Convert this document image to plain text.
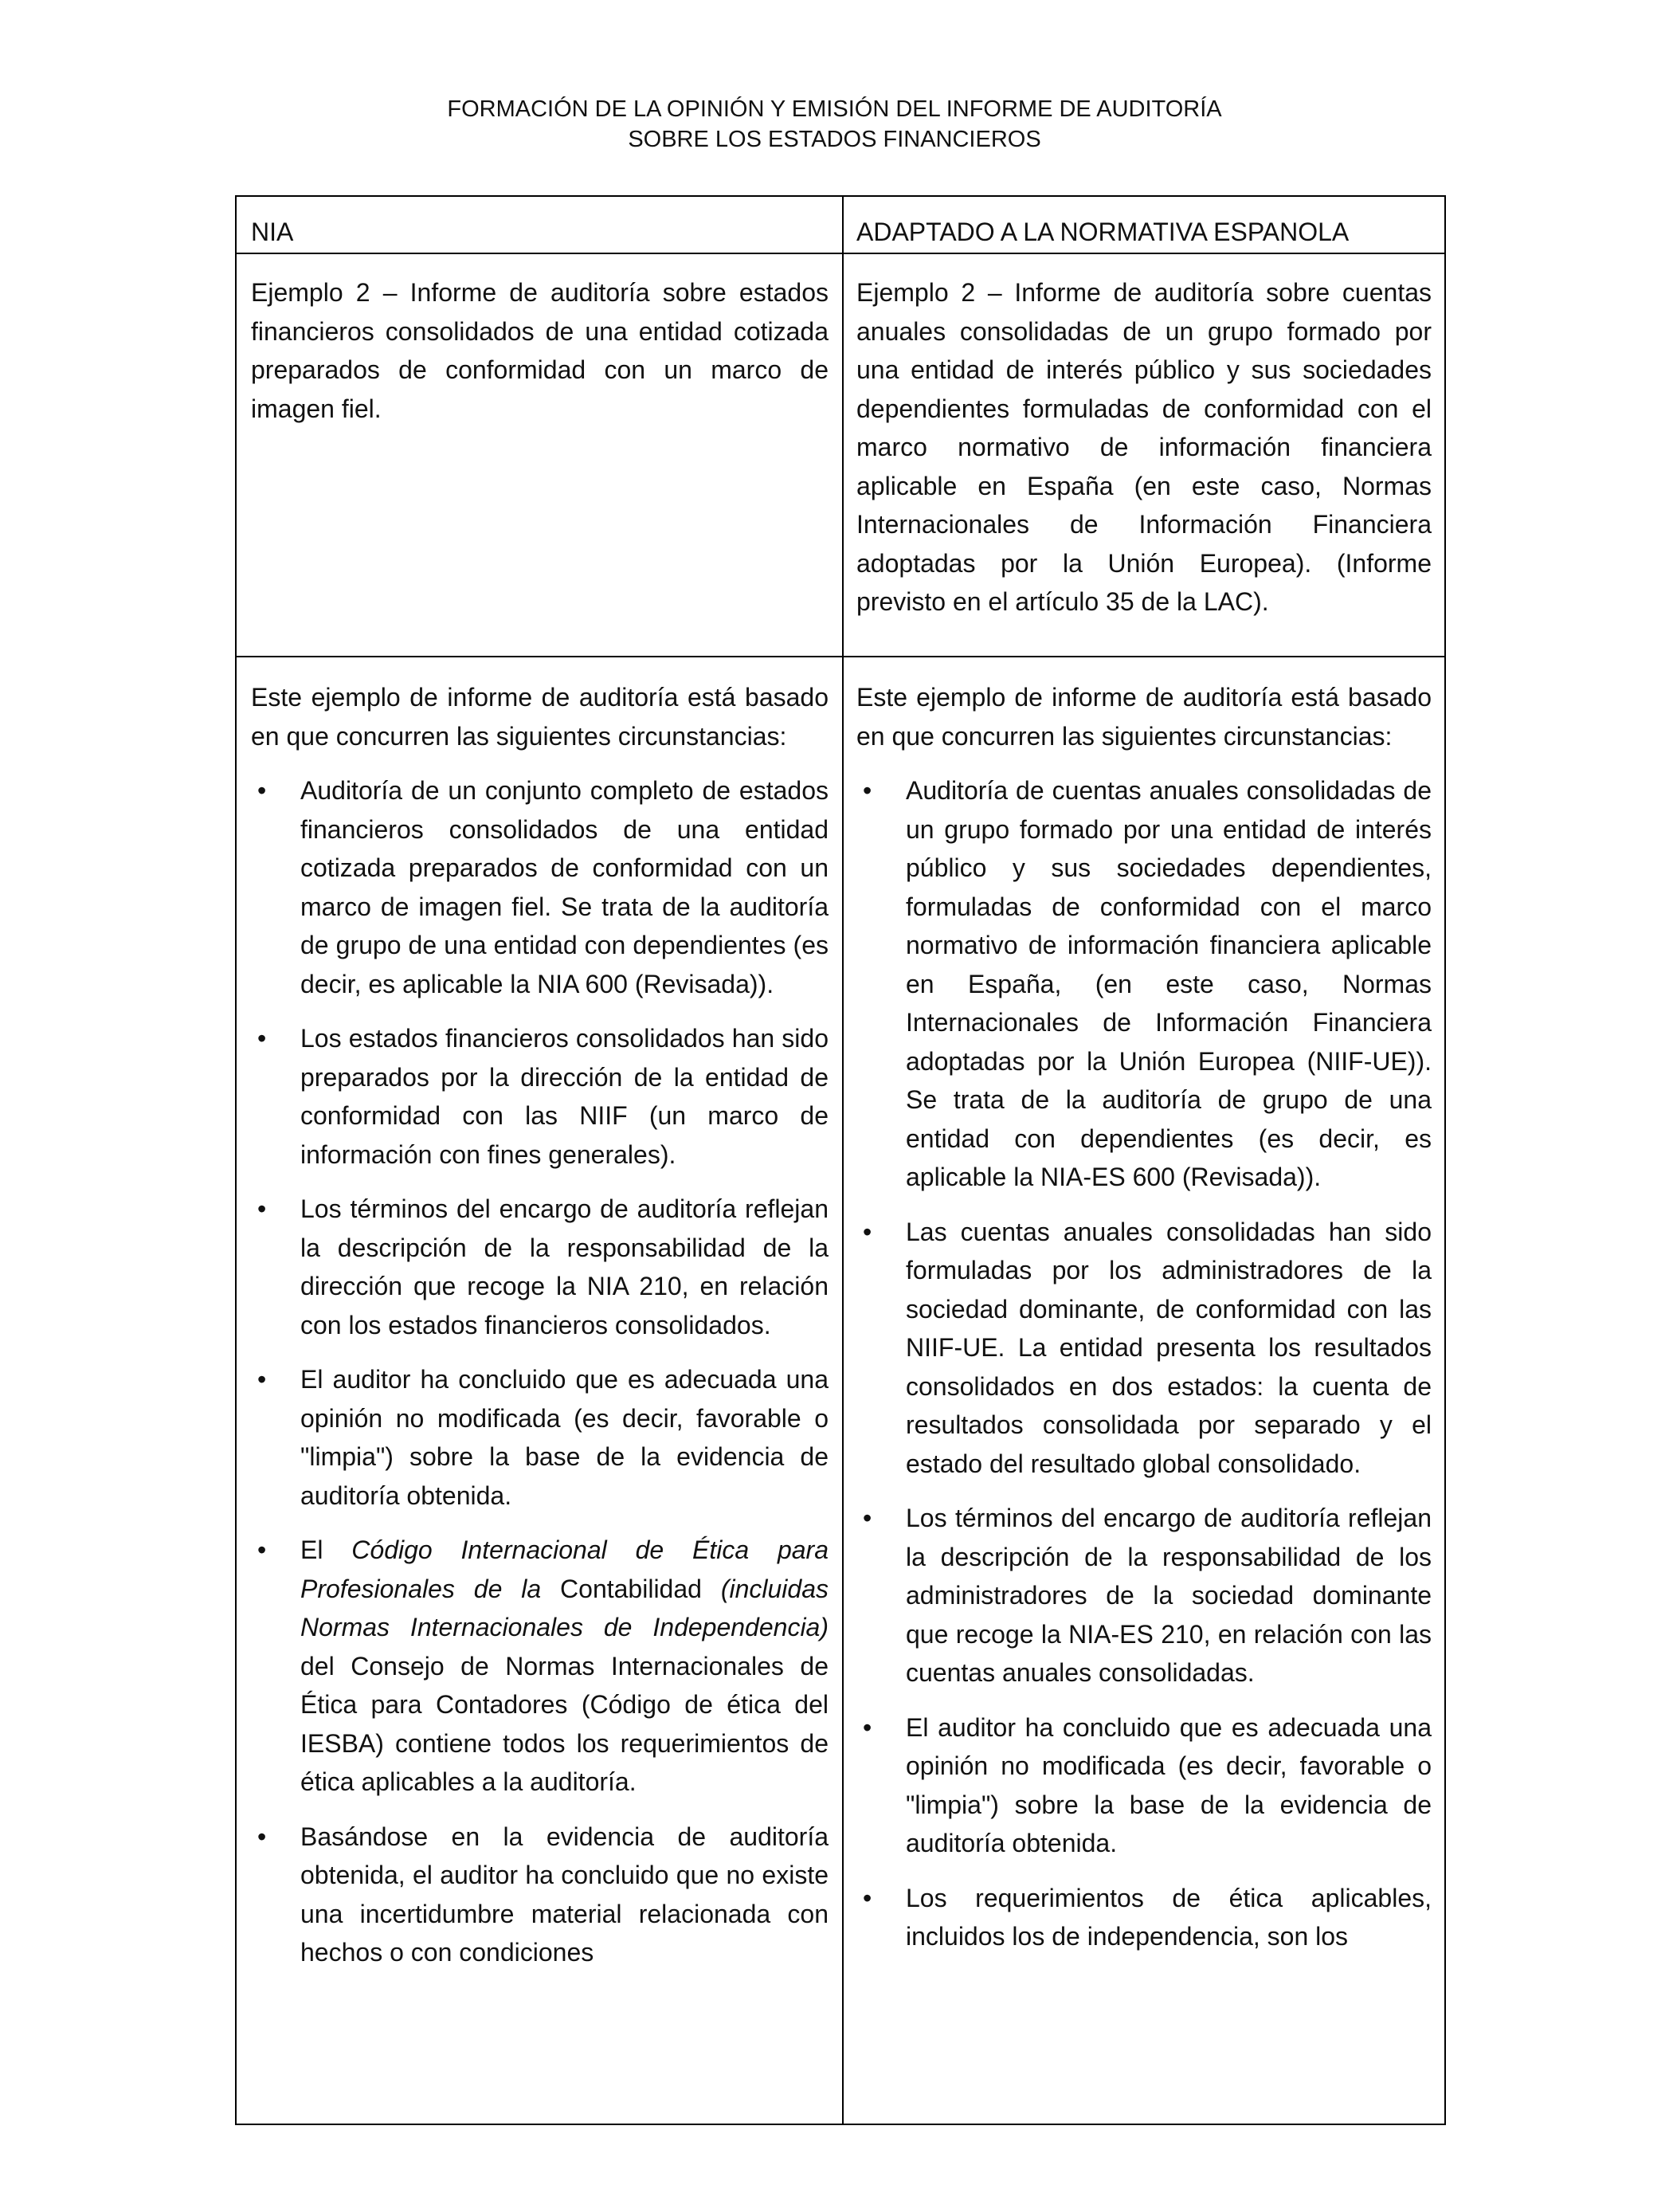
FORMACIÓN DE LA OPINIÓN Y EMISIÓN DEL INFORME DE AUDITORÍA
SOBRE LOS ESTADOS FINANCIEROS

NIA	ADAPTADO A LA NORMATIVA ESPANOLA

Ejemplo 2 – Informe de auditoría sobre estados financieros consolidados de una entidad cotizada preparados de conformidad con un marco de imagen fiel.

Ejemplo 2 – Informe de auditoría sobre cuentas anuales consolidadas de un grupo formado por una entidad de interés público y sus sociedades dependientes formuladas de conformidad con el marco normativo de información financiera aplicable en España (en este caso, Normas Internacionales de Información Financiera adoptadas por la Unión Europea). (Informe previsto en el artículo 35 de la LAC).

Este ejemplo de informe de auditoría está basado en que concurren las siguientes circunstancias:

• Auditoría de un conjunto completo de estados financieros consolidados de una entidad cotizada preparados de conformidad con un marco de imagen fiel. Se trata de la auditoría de grupo de una entidad con dependientes (es decir, es aplicable la NIA 600 (Revisada)).
• Los estados financieros consolidados han sido preparados por la dirección de la entidad de conformidad con las NIIF (un marco de información con fines generales).
• Los términos del encargo de auditoría reflejan la descripción de la responsabilidad de la dirección que recoge la NIA 210, en relación con los estados financieros consolidados.
• El auditor ha concluido que es adecuada una opinión no modificada (es decir, favorable o "limpia") sobre la base de la evidencia de auditoría obtenida.
• El Código Internacional de Ética para Profesionales de la Contabilidad (incluidas Normas Internacionales de Independencia) del Consejo de Normas Internacionales de Ética para Contadores (Código de ética del IESBA) contiene todos los requerimientos de ética aplicables a la auditoría.
• Basándose en la evidencia de auditoría obtenida, el auditor ha concluido que no existe una incertidumbre material relacionada con hechos o con condiciones

Este ejemplo de informe de auditoría está basado en que concurren las siguientes circunstancias:

• Auditoría de cuentas anuales consolidadas de un grupo formado por una entidad de interés público y sus sociedades dependientes, formuladas de conformidad con el marco normativo de información financiera aplicable en España, (en este caso, Normas Internacionales de Información Financiera adoptadas por la Unión Europea (NIIF-UE)). Se trata de la auditoría de grupo de una entidad con dependientes (es decir, es aplicable la NIA-ES 600 (Revisada)).
• Las cuentas anuales consolidadas han sido formuladas por los administradores de la sociedad dominante, de conformidad con las NIIF-UE. La entidad presenta los resultados consolidados en dos estados: la cuenta de resultados consolidada por separado y el estado del resultado global consolidado.
• Los términos del encargo de auditoría reflejan la descripción de la responsabilidad de los administradores de la sociedad dominante que recoge la NIA-ES 210, en relación con las cuentas anuales consolidadas.
• El auditor ha concluido que es adecuada una opinión no modificada (es decir, favorable o "limpia") sobre la base de la evidencia de auditoría obtenida.
• Los requerimientos de ética aplicables, incluidos los de independencia, son los
